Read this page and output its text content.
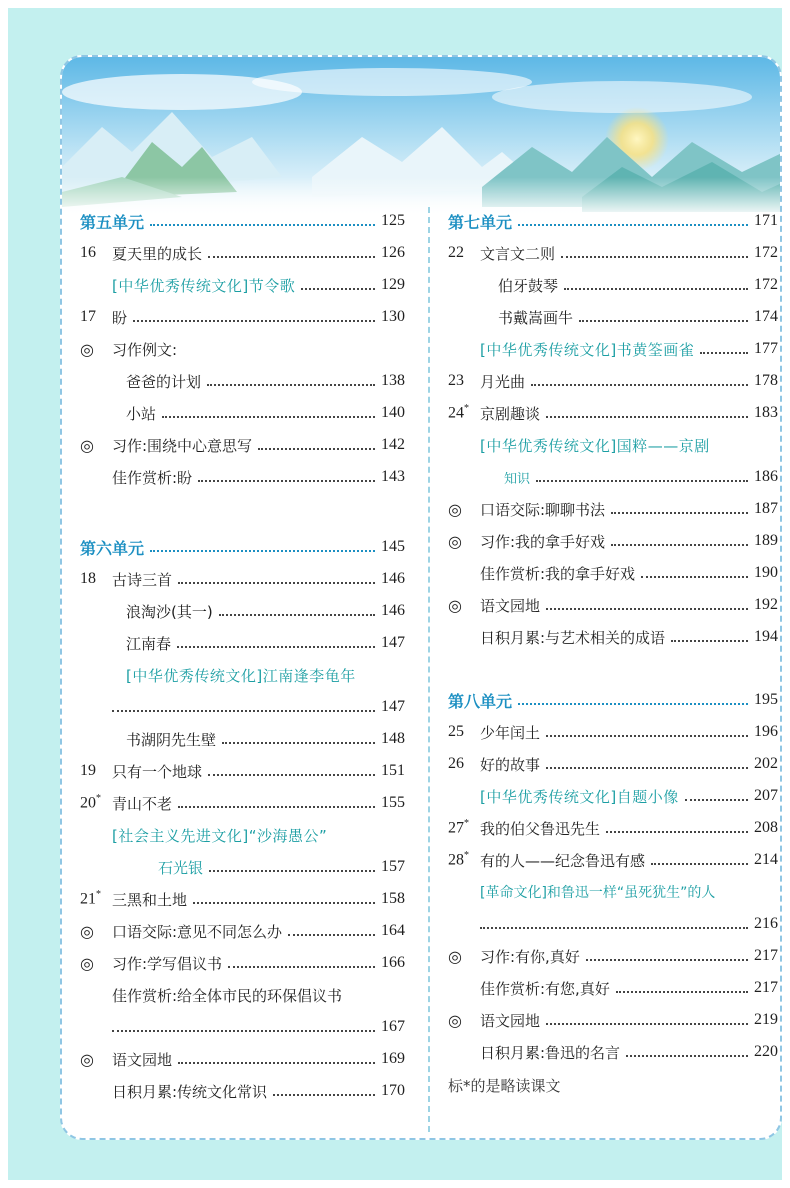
第五单元	125
16	夏天里的成长	126
[中华优秀传统文化]节令歌	129
17	盼	130
◎	习作例文:
爸爸的计划	138
小站	140
◎	习作:围绕中心意思写	142
佳作赏析:盼	143
第六单元	145
18	古诗三首	146
浪淘沙(其一)	146
江南春	147
[中华优秀传统文化]江南逢李龟年
147
书湖阴先生壁	148
19	只有一个地球	151
20* 青山不老	155
[社会主义先进文化]“沙海愚公”
石光银	157
21* 三黑和土地	158
◎	口语交际:意见不同怎么办	164
◎	习作:学写倡议书	166
佳作赏析:给全体市民的环保倡议书
167
◎	语文园地	169
日积月累:传统文化常识	170
第七单元	171
22	文言文二则	172
伯牙鼓琴	172
书戴嵩画牛	174
[中华优秀传统文化]书黄筌画雀	177
23	月光曲	178
24* 京剧趣谈	183
[中华优秀传统文化]国粹——京剧
知识	186
◎	口语交际:聊聊书法	187
◎	习作:我的拿手好戏	189
佳作赏析:我的拿手好戏	190
◎	语文园地	192
日积月累:与艺术相关的成语	194
第八单元	195
25	少年闰土	196
26	好的故事	202
[中华优秀传统文化]自题小像	207
27* 我的伯父鲁迅先生	208
28* 有的人——纪念鲁迅有感	214
[革命文化]和鲁迅一样“虽死犹生”的人
216
◎	习作:有你,真好	217
佳作赏析:有您,真好	217
◎	语文园地	219
日积月累:鲁迅的名言	220
标*的是略读课文
